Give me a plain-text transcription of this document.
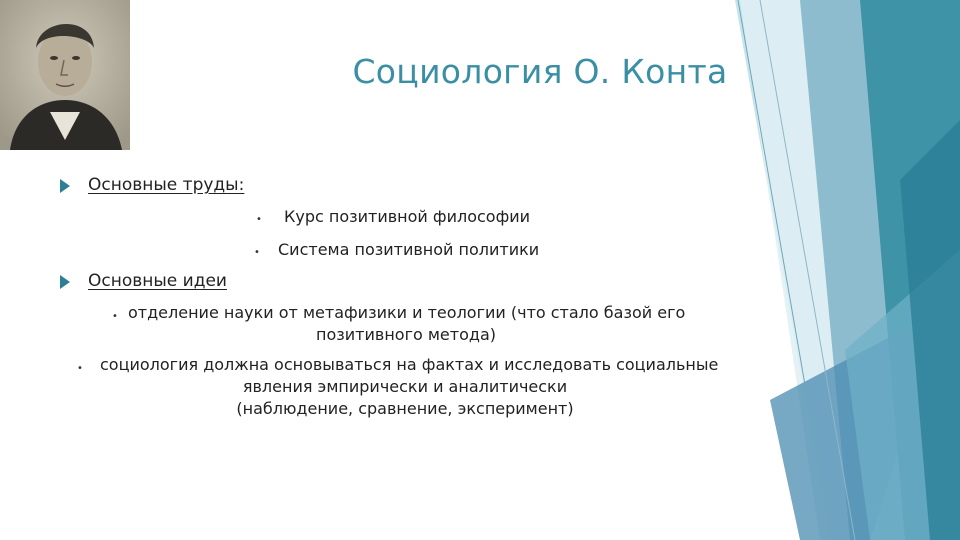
Социология О. Конта
Основные труды:
• Курс позитивной философии
• Система позитивной политики
Основные идеи
• отделение науки от метафизики и теологии (что стало базой его
позитивного метода)
• социология должна основываться на фактах и исследовать социальные
явления эмпирически и аналитически
(наблюдение, сравнение, эксперимент)
